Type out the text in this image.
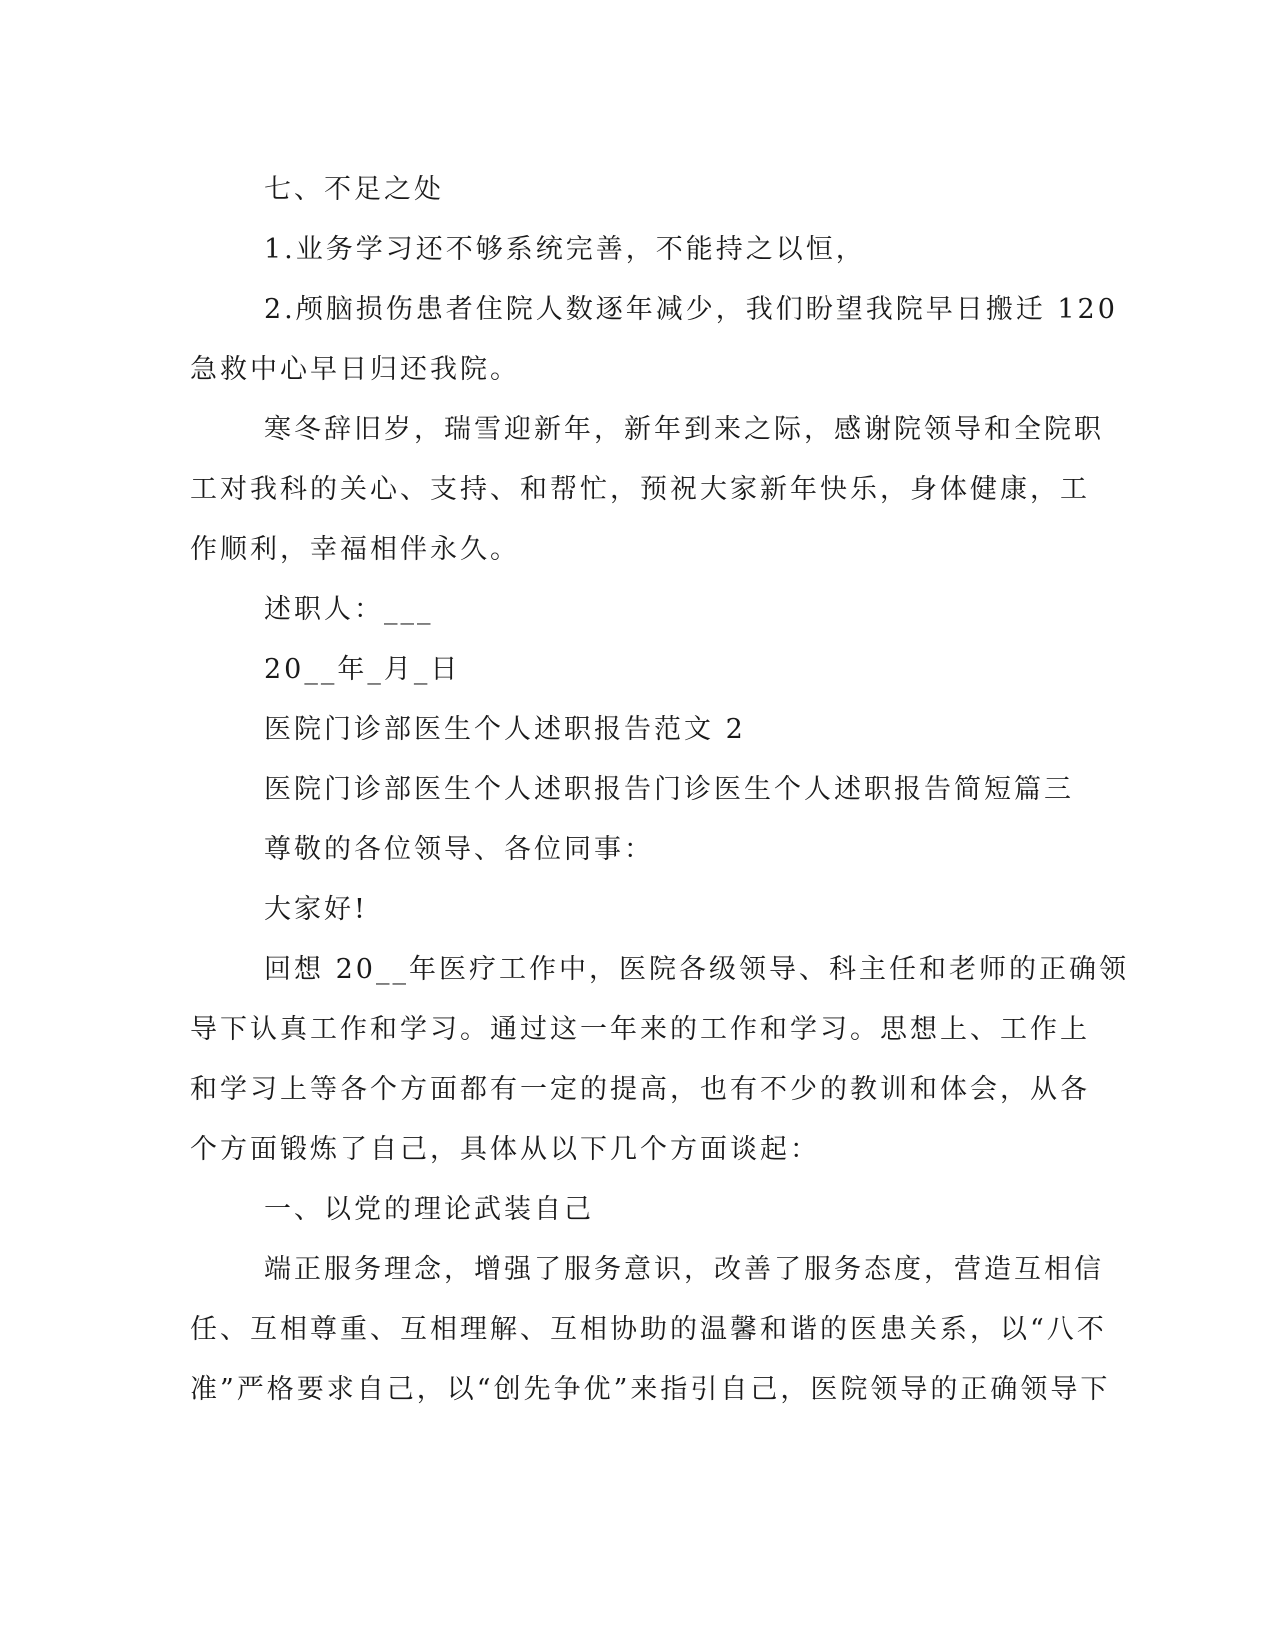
七、不足之处

1.业务学习还不够系统完善，不能持之以恒，

2.颅脑损伤患者住院人数逐年减少，我们盼望我院早日搬迁 120

急救中心早日归还我院。

寒冬辞旧岁，瑞雪迎新年，新年到来之际，感谢院领导和全院职

工对我科的关心、支持、和帮忙，预祝大家新年快乐，身体健康，工

作顺利，幸福相伴永久。

述职人：___

20__年_月_日

医院门诊部医生个人述职报告范文 2

医院门诊部医生个人述职报告门诊医生个人述职报告简短篇三

尊敬的各位领导、各位同事：

大家好!

回想 20__年医疗工作中，医院各级领导、科主任和老师的正确领

导下认真工作和学习。通过这一年来的工作和学习。思想上、工作上

和学习上等各个方面都有一定的提高，也有不少的教训和体会，从各

个方面锻炼了自己，具体从以下几个方面谈起：

一、以党的理论武装自己

端正服务理念，增强了服务意识，改善了服务态度，营造互相信

任、互相尊重、互相理解、互相协助的温馨和谐的医患关系，以“八不

准”严格要求自己，以“创先争优”来指引自己，医院领导的正确领导下
